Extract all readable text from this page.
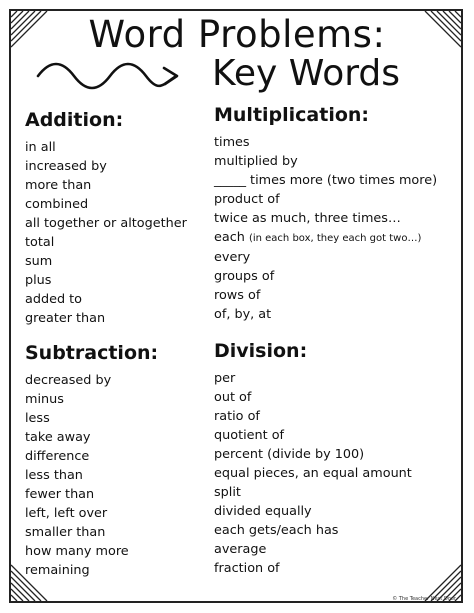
Word Problems:
Key Words
Addition:
in all
increased by
more than
combined
all together or altogether
total
sum
plus
added to
greater than
Multiplication:
times
multiplied by
_____ times more (two times more)
product of
twice as much, three times…
each (in each box, they each got two…)
every
groups of
rows of
of, by, at
Subtraction:
decreased by
minus
less
take away
difference
less than
fewer than
left, left over
smaller than
how many more
remaining
Division:
per
out of
ratio of
quotient of
percent (divide by 100)
equal pieces, an equal amount
split
divided equally
each gets/each has
average
fraction of
© The Teacher Next Door
